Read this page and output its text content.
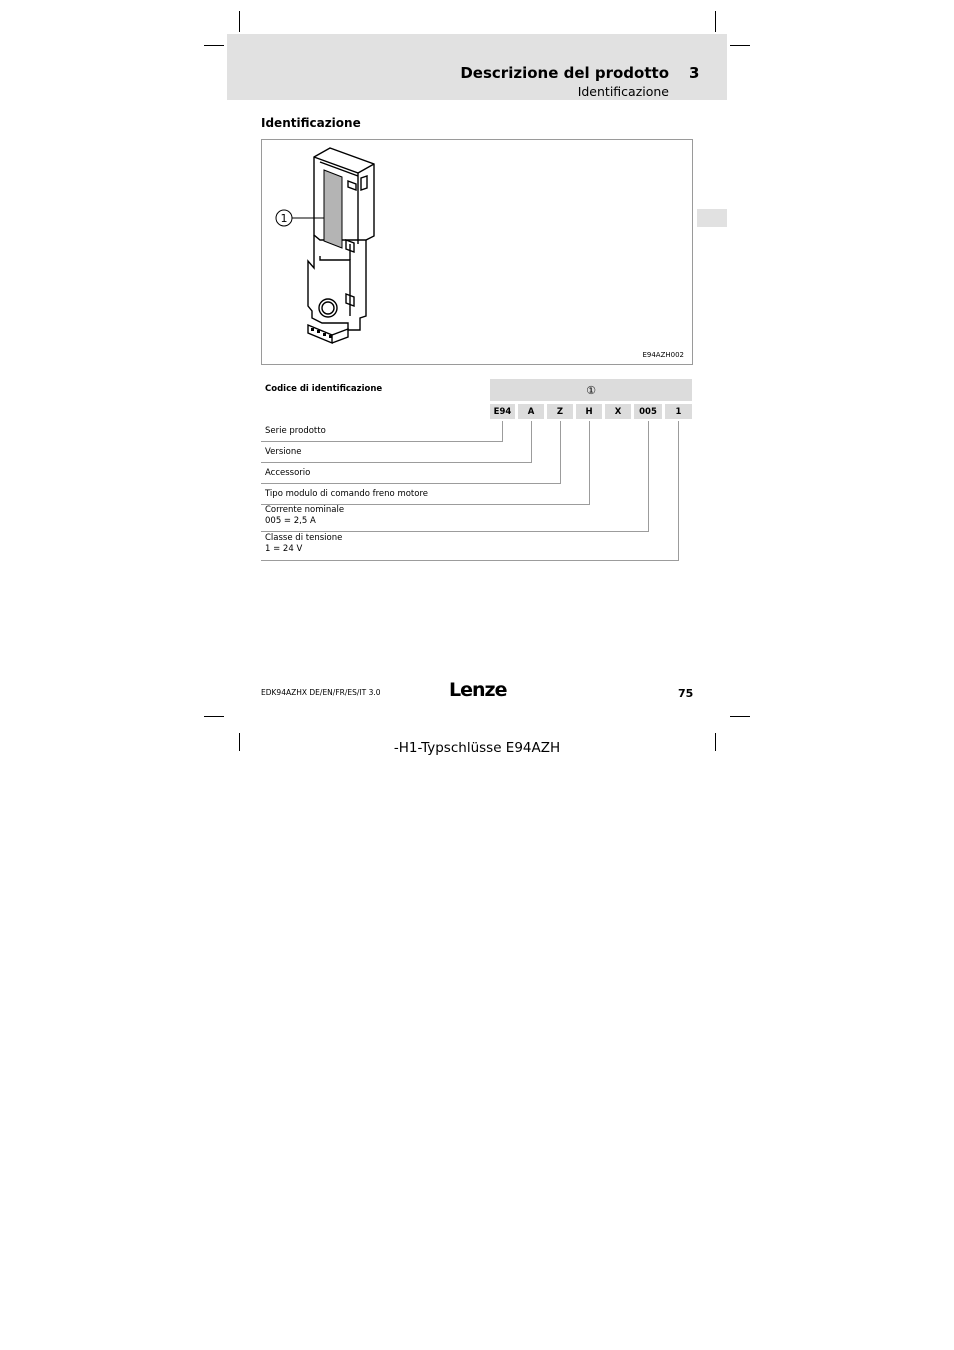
Descrizione del prodotto 3
Identificazione
Identificazione
1
E94AZH002
Codice di identificazione	①
E94	A	Z	H	X	005	1
Serie prodotto
Versione
Accessorio
Tipo modulo di comando freno motore
Corrente nominale
005 = 2,5 A
Classe di tensione
1 = 24 V
EDK94AZHX DE/EN/FR/ES/IT 3.0	Lenze	75
-H1-Typschlüsse E94AZH
